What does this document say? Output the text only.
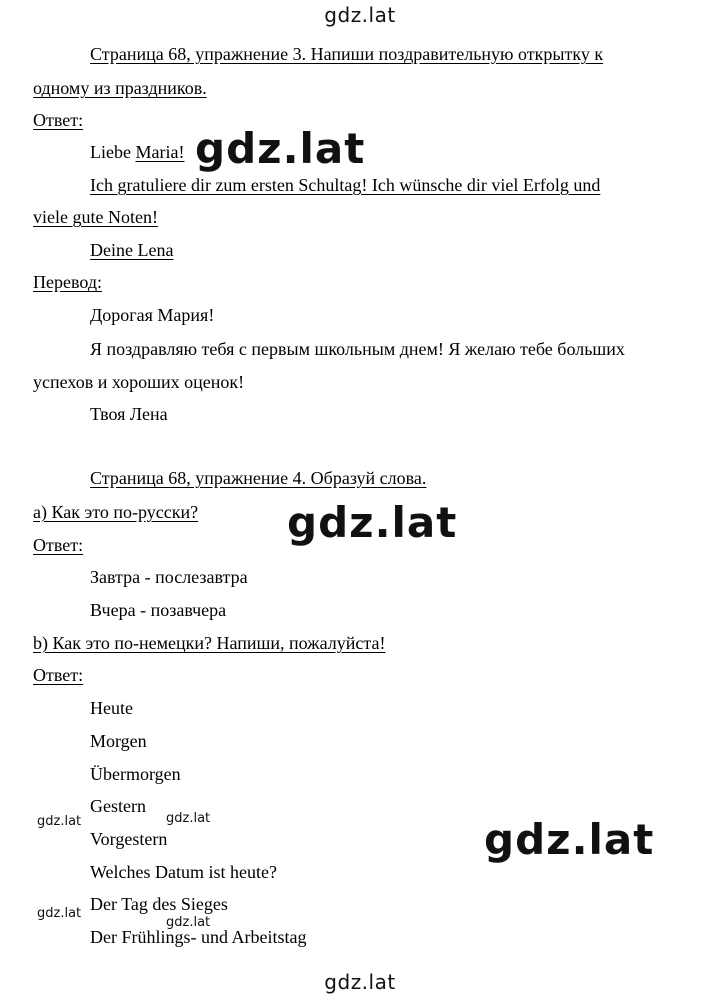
gdz.lat
gdz.lat
gdz.lat
gdz.lat
gdz.lat	gdz.lat
gdz.lat
gdz.lat
gdz.lat
Страница 68, упражнение 3. Напиши поздравительную открытку к
одному из праздников.
Ответ:
Liebe Maria!
Ich gratuliere dir zum ersten Schultag! Ich wünsche dir viel Erfolg und
viele gute Noten!
Deine Lena
Перевод:
Дорогая Мария!
Я поздравляю тебя с первым школьным днем! Я желаю тебе больших
успехов и хороших оценок!
Твоя Лена
Страница 68, упражнение 4. Образуй слова.
a) Как это по-русски?
Ответ:
Завтра - послезавтра
Вчера - позавчера
b) Как это по-немецки? Напиши, пожалуйста!
Ответ:
Heute
Morgen
Übermorgen
Gestern
Vorgestern
Welches Datum ist heute?
Der Tag des Sieges
Der Frühlings- und Arbeitstag
